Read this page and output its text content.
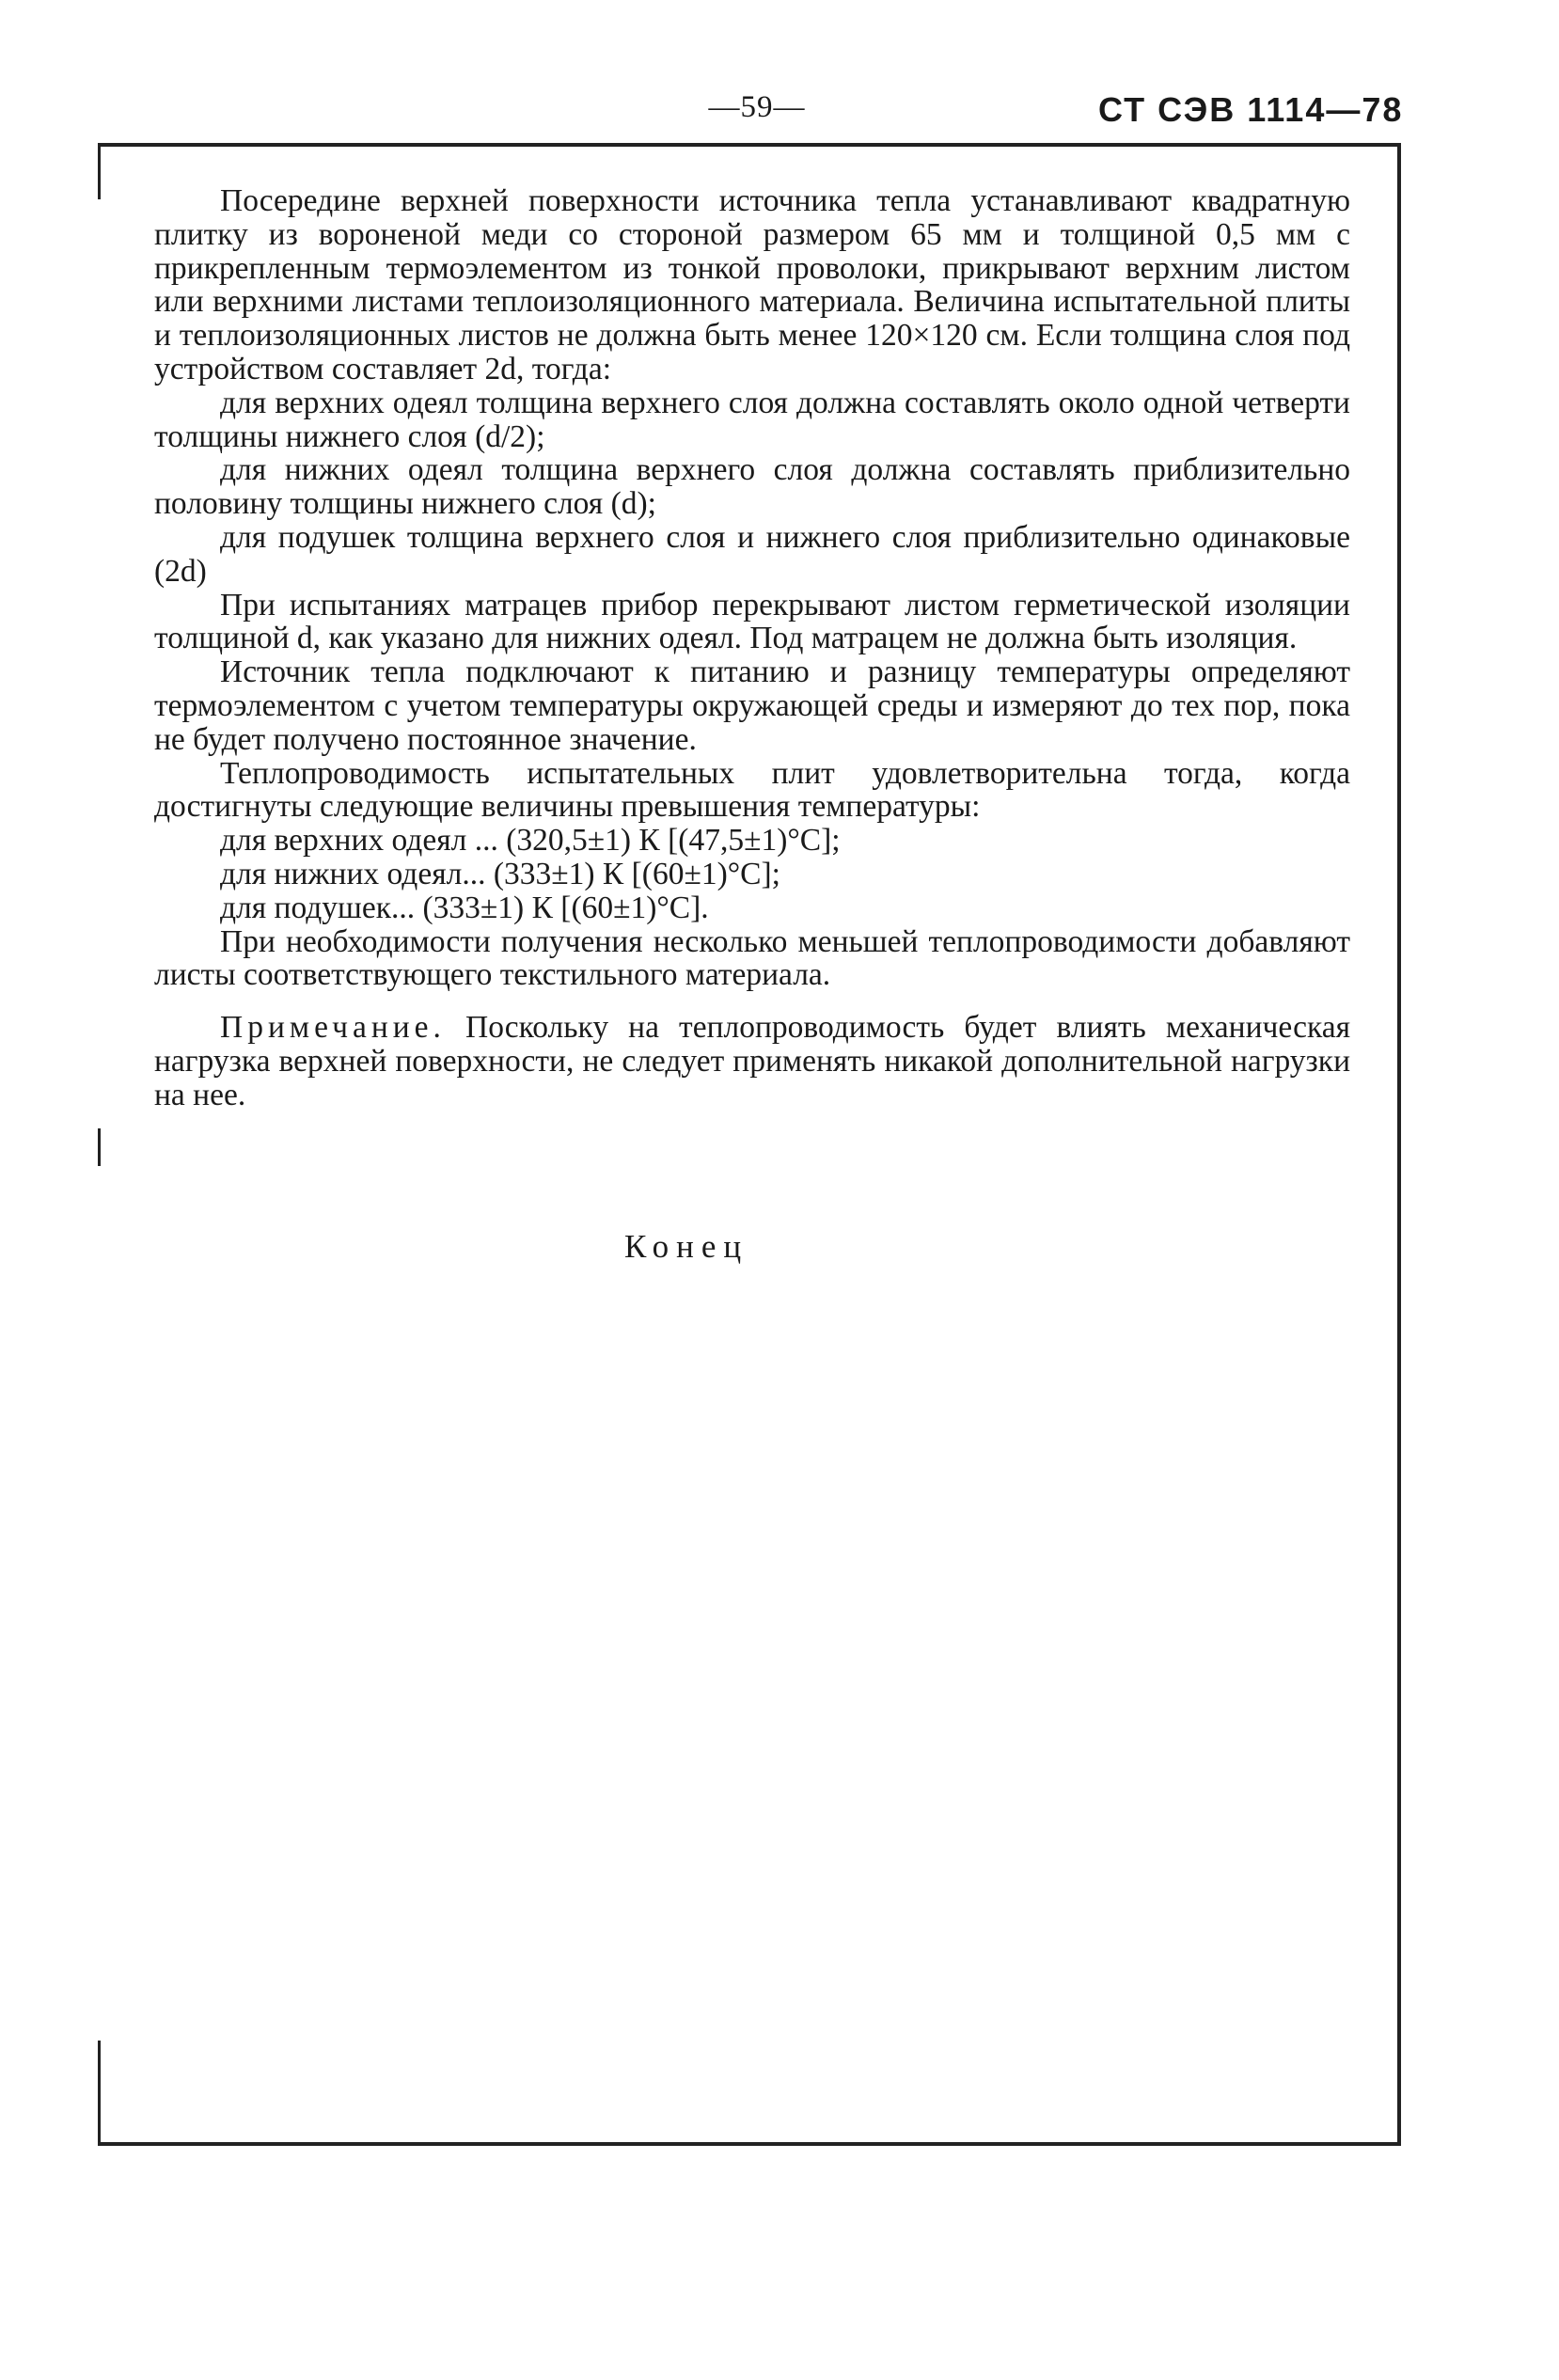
—59—	СТ СЭВ 1114—78

Посередине верхней поверхности источника тепла устанавливают квадратную плитку из вороненой меди со стороной размером 65 мм и толщиной 0,5 мм с прикрепленным термоэлементом из тонкой проволоки, прикрывают верхним листом или верхними листами теплоизоляционного материала. Величина испытательной плиты и теплоизоляционных листов не должна быть менее 120×120 см. Если толщина слоя под устройством составляет 2d, тогда:

для верхних одеял толщина верхнего слоя должна составлять около одной четверти толщины нижнего слоя (d/2);

для нижних одеял толщина верхнего слоя должна составлять приблизительно половину толщины нижнего слоя (d);

для подушек толщина верхнего слоя и нижнего слоя приблизительно одинаковые (2d)

При испытаниях матрацев прибор перекрывают листом герметической изоляции толщиной d, как указано для нижних одеял. Под матрацем не должна быть изоляция.

Источник тепла подключают к питанию и разницу температуры определяют термоэлементом с учетом температуры окружающей среды и измеряют до тех пор, пока не будет получено постоянное значение.

Теплопроводимость испытательных плит удовлетворительна тогда, когда достигнуты следующие величины превышения температуры:

для верхних одеял ... (320,5±1) К [(47,5±1)°С];

для нижних одеял... (333±1) К [(60±1)°С];

для подушек... (333±1) К [(60±1)°С].

При необходимости получения несколько меньшей теплопроводимости добавляют листы соответствующего текстильного материала.

Примечание. Поскольку на теплопроводимость будет влиять механическая нагрузка верхней поверхности, не следует применять никакой дополнительной нагрузки на нее.

Конец
